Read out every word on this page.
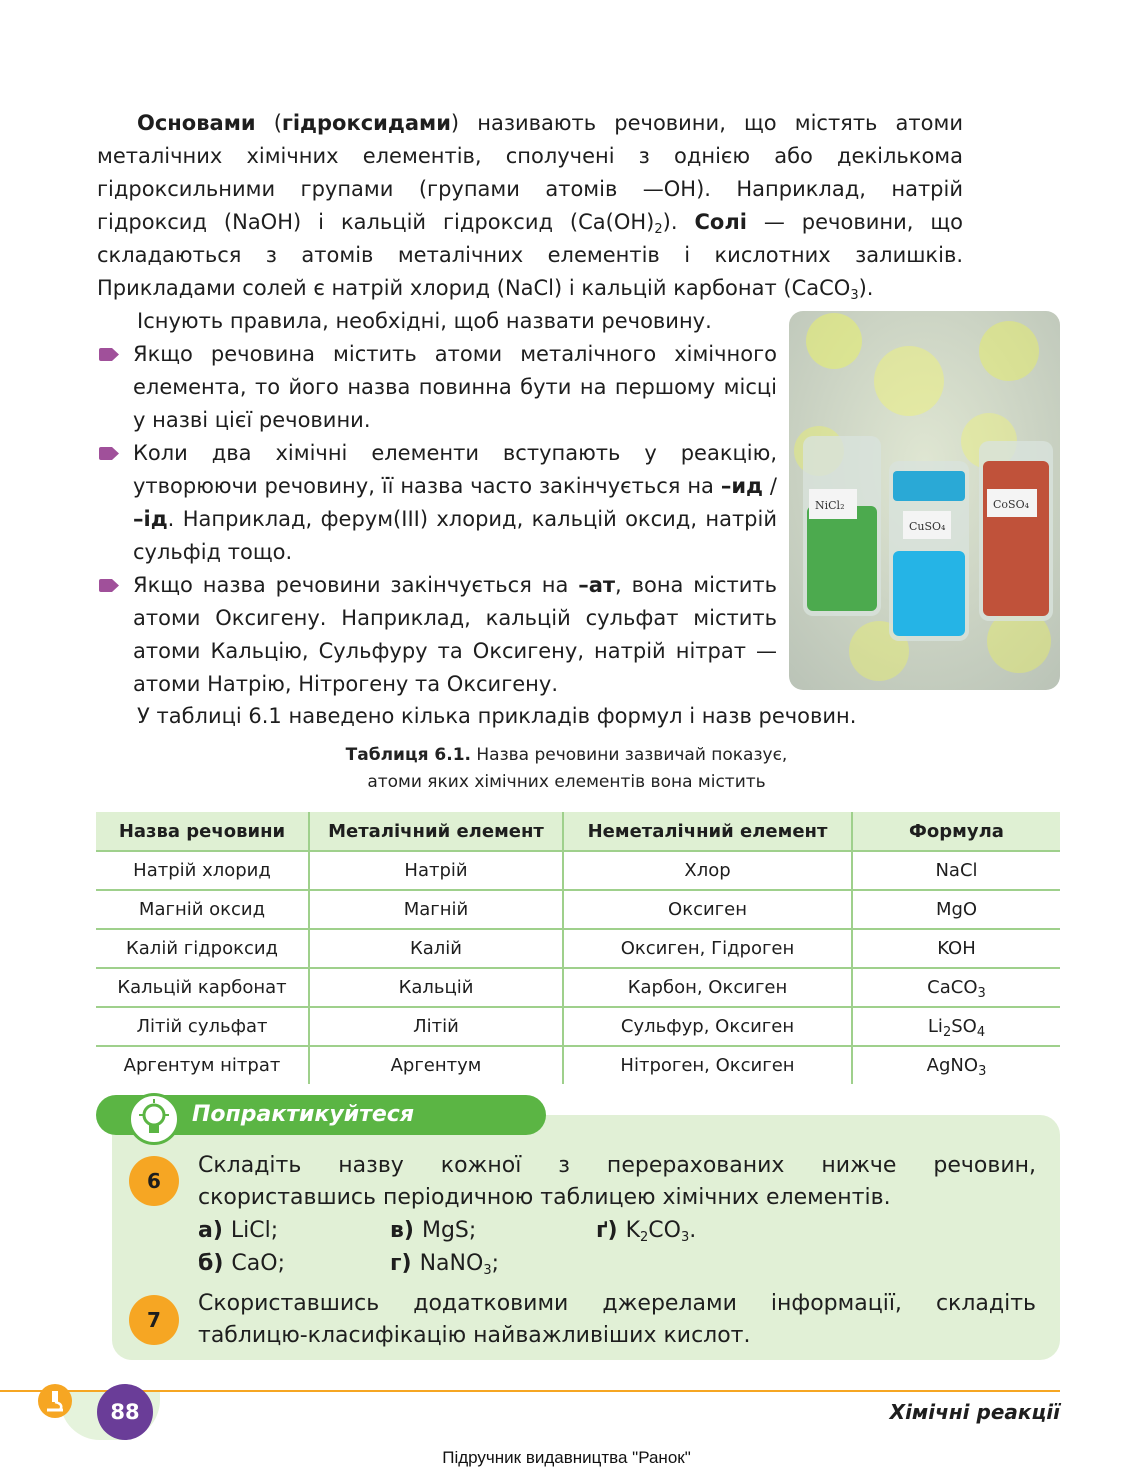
Основами (гідроксидами) називають речовини, що містять атоми металічних хімічних елементів, сполучені з однією або декількома гідроксильними групами (групами атомів —OH). Наприклад, натрій гідроксид (NaOH) і кальцій гідроксид $(Ca(OH)_2)$. Солі — речовини, що складаються з атомів металічних елементів і кислотних залишків. Прикладами солей є натрій хлорид (NaCl) і кальцій карбонат (CaCO$_3$).

Існують правила, необхідні, щоб назвати речовину.
Якщо речовина містить атоми металічного хімічного елемента, то його назва повинна бути на першому місці у назві цієї речовини.
Коли два хімічні елементи вступають у реакцію, утворюючи речовину, її назва часто закінчується на –ид / –ід. Наприклад, ферум(III) хлорид, кальцій оксид, натрій сульфід тощо.
Якщо назва речовини закінчується на –ат, вона містить атоми Оксигену. Наприклад, кальцій сульфат містить атоми Кальцію, Сульфуру та Оксигену, натрій нітрат — атоми Натрію, Нітрогену та Оксигену.
NiCl₂
CuSO₄
CoSO₄

У таблиці 6.1 наведено кілька прикладів формул і назв речовин.

Таблиця 6.1. Назва речовини зазвичай показує,
атоми яких хімічних елементів вона містить
Назва речовини	Металічний елемент	Неметалічний елемент	Формула
Натрій хлорид	Натрій	Хлор	NaCl
Магній оксид	Магній	Оксиген	MgO
Калій гідроксид	Калій	Оксиген, Гідроген	KOH
Кальцій карбонат	Кальцій	Карбон, Оксиген	CaCO$_3$
Літій сульфат	Літій	Сульфур, Оксиген	$Li_2SO_4$
Аргентум нітрат	Аргентум	Нітроген, Оксиген	AgNO$_3$
Попрактикуйтеся
6

Складіть назву кожної з перерахованих нижче речовин, скориставшись періодичною таблицею хімічних елементів.

а) LiCl;	в) MgS;	ґ) $K_2CO_3$.
б) CaO;	г) NaNO$_3$;
7

Скориставшись додатковими джерелами інформації, складіть таблицю-класифікацію найважливіших кислот.

88	Хімічні реакції
Підручник видавництва "Ранок"
